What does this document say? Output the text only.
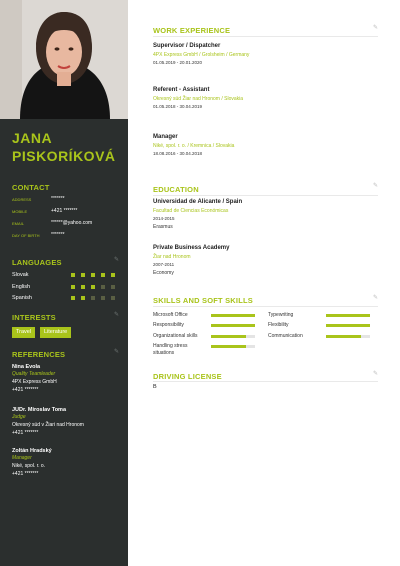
JANA
PISKORÍKOVÁ
CONTACT
ADDRESS	*******
MOBILE	+421 *******
EMAIL	******@yahoo.com
DAY OF BIRTH *******
LANGUAGES	✎
Slovak
English
Spanish
INTERESTS	✎
Travel	Literature
REFERENCES	✎
Nina Evola
Quality Teamleader
4PX Express GmbH
+421 *******
JUDr. Miroslav Toma
Judge
Okresný súd v Žiari nad Hronom
+421 *******
Zoltán Hradský
Manager
Niké, spol. r. o.
+421 *******
WORK EXPERIENCE	✎
Supervisor / Dispatcher
4PX Express GmbH / Grolsheim / Germany
01.05.2019 - 20.01.2020
Referent - Assistant
Okresný súd Žiar nad Hronom / Slovakia
01.05.2018 - 30.04.2019
Manager
Niké, spol. r. o. / Kremnica / Slovakia
18.08.2016 - 30.04.2018
EDUCATION	✎
Universidad de Alicante / Spain
Facultad de Ciencias Económicas
2014-2015
Erasmus
Private Business Academy
Žiar nad Hronom
2007-2011
Economy
SKILLS AND SOFT SKILLS	✎
Microsoft Office
Responsibility
Organizational skills
Handling stress situations
Typewriting
Flexibility
Communication
DRIVING LICENSE	✎
B
